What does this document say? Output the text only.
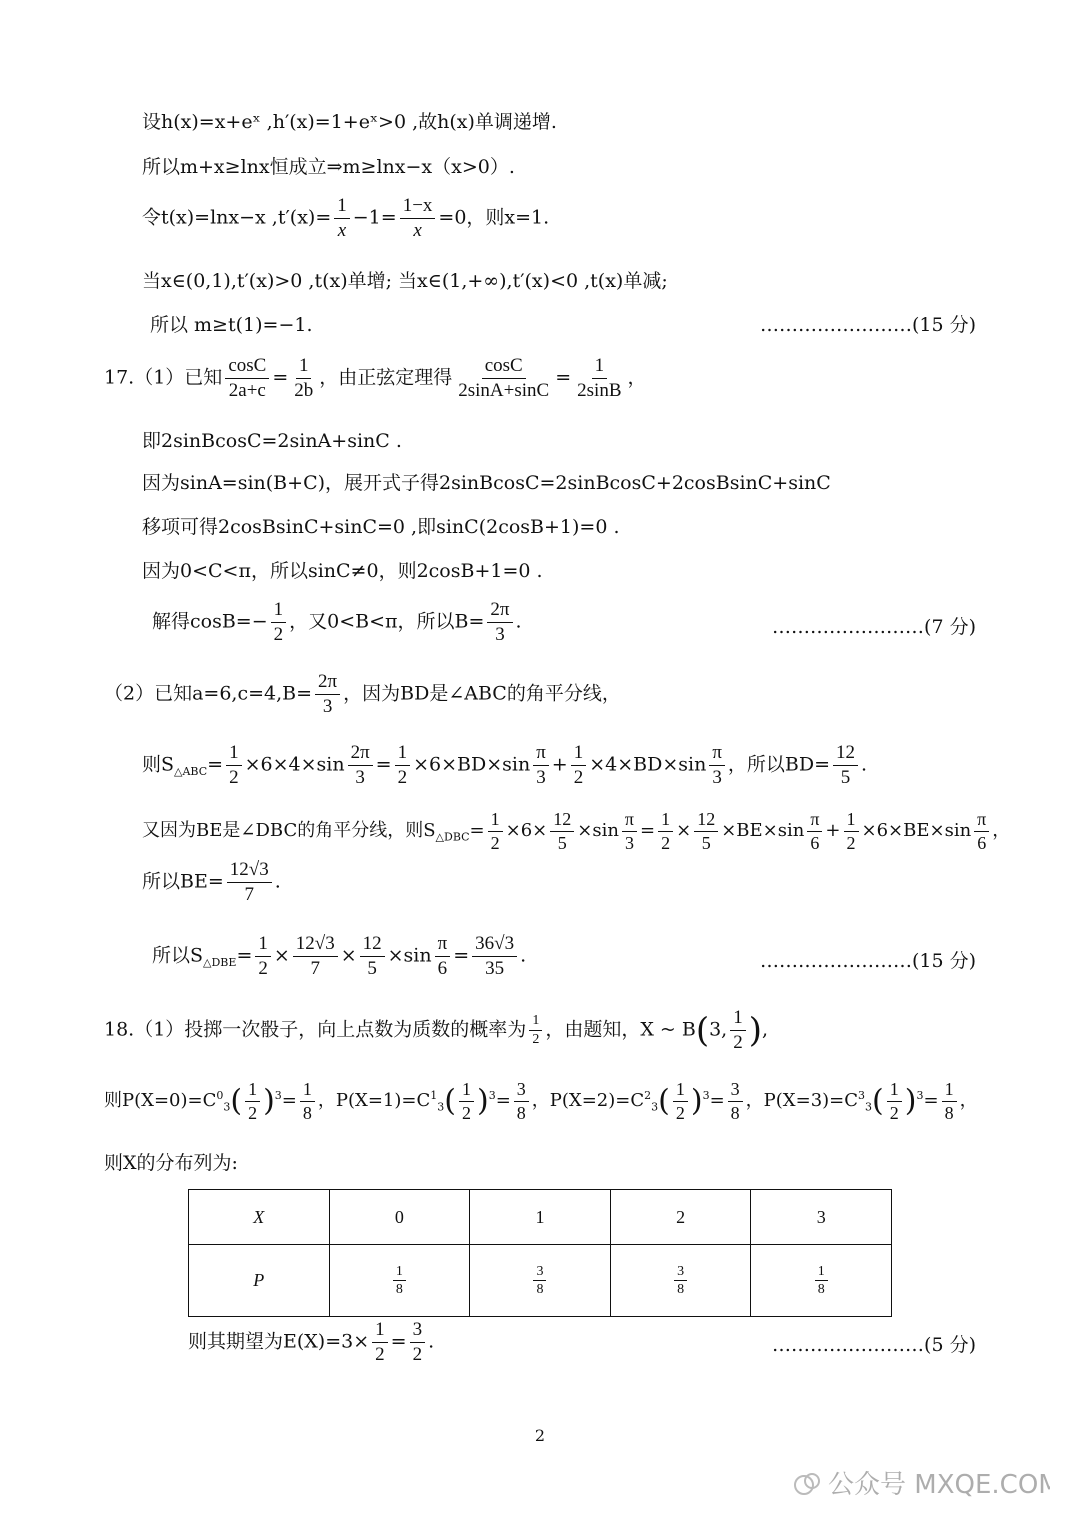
设h(x)=x+eˣ ,h′(x)=1+eˣ>0 ,故h(x)单调递增.
所以m+x≥lnx恒成立⇒m≥lnx−x（x>0）.
令t(x)=lnx−x $,t'(x)= \frac{1}{x} -1= \frac{1-x}{x} =0$，则x=1.
当x∈(0,1),t′(x)>0 ,t(x)单增; 当x∈(1,+∞),t′(x)<0 ,t(x)单减;
所以 m≥t(1)=−1.	……………………(15 分)
17.（1）已知 $\frac{\cos C}{2a+c} = \frac{1}{2b}$ ，由正弦定理得 $\frac{\cos C}{2\sin A+\sin C} = \frac{1}{2\sin B}$ ，
即2sinBcosC=2sinA+sinC .
因为sinA=sin(B+C)，展开式子得2sinBcosC=2sinBcosC+2cosBsinC+sinC
移项可得2cosBsinC+sinC=0 ,即sinC(2cosB+1)=0 .
因为0<C<π，所以sinC≠0，则2cosB+1=0 .
解得$\cos B=- \frac{1}{2}$ ，又0<B<π，所以$B= \frac{2\pi}{3}$ .	……………………(7 分)
（2）已知$a=6,c=4,B= \frac{2\pi}{3}$ ，因为BD是∠ABC的角平分线，
则$S_{\triangle ABC}= \frac{1}{2} \times 6\times 4\times\sin \frac{2\pi}{3} = \frac{1}{2} \times 6\times BD\times\sin \frac{\pi}{3} + \frac{1}{2} \times 4\times BD\times\sin \frac{\pi}{3}$ ，所以$BD= \frac{12}{5}$ .
又因为BE是∠DBC的角平分线，则$S_{\triangle DBC}= \frac{1}{2} \times 6\times \frac{12}{5} \times\sin \frac{\pi}{3} = \frac{1}{2} \times \frac{12}{5} \times BE\times\sin \frac{\pi}{6} + \frac{1}{2} \times 6\times BE\times\sin \frac{\pi}{6}$ ，
所以$BE= \frac{12√3}{7}$ .
所以$S_{\triangle DBE}= \frac{1}{2} \times \frac{12√3}{7} \times \frac{12}{5} \times\sin \frac{\pi}{6} = \frac{36√3}{35}$ .	……………………(15 分)
18.（1）投掷一次骰子，向上点数为质数的概率为 $\frac{1}{2}$ ，由题知，X ~ B(3, $\frac{1}{2}$ ),
则$P(X=0)=C^0_3( \frac{1}{2} )^3= \frac{1}{8}$ ，$P(X=1)=C^1_3( \frac{1}{2} )^3= \frac{3}{8}$ ，$P(X=2)=C^2_3( \frac{1}{2} )^3= \frac{3}{8}$ ，$P(X=3)=C^3_3( \frac{1}{2} )^3= \frac{1}{8}$ ，
则X的分布列为:
X	0	1	2	3
P	$\frac{1}{8}$	$\frac{3}{8}$	$\frac{3}{8}$	$\frac{1}{8}$
则其期望为$E(X)=3\times \frac{1}{2} = \frac{3}{2}$ .	……………………(5 分)
2
公众号 MXQE.COM
